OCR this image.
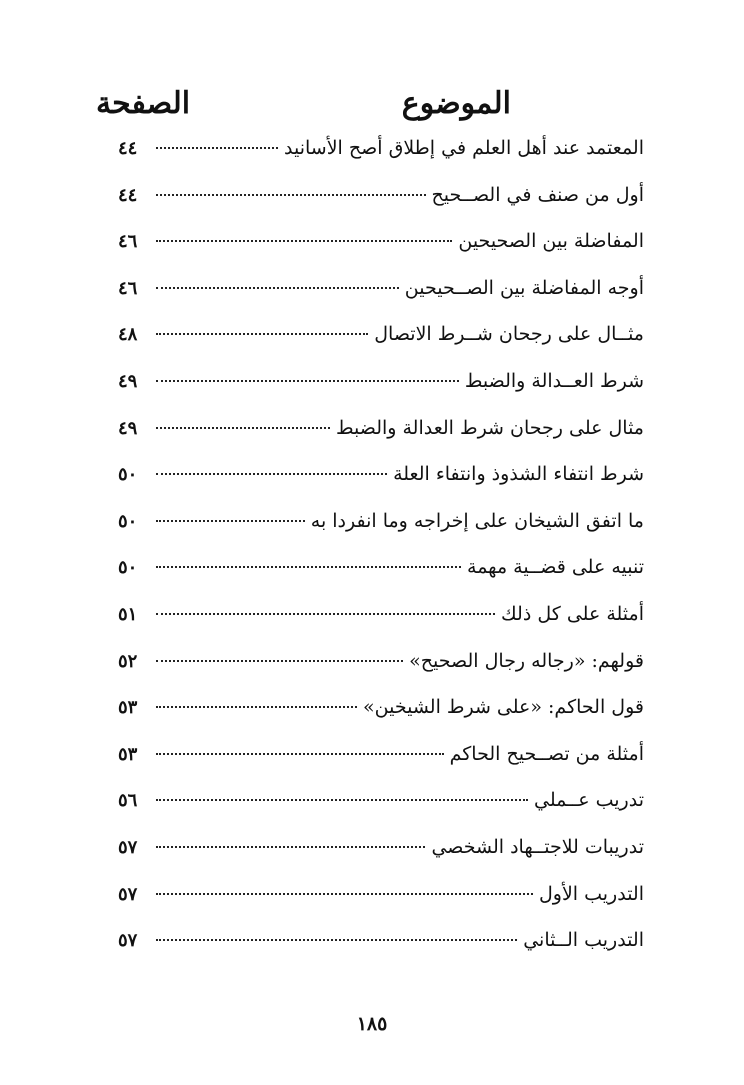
الموضوع
الصفحة
المعتمد عند أهل العلم في إطلاق أصح الأسانيد
٤٤
أول من صنف في الصــحيح
٤٤
المفاضلة بين الصحيحين
٤٦
أوجه المفاضلة بين الصــحيحين
٤٦
مثــال على رجحان شــرط الاتصال
٤٨
شرط العــدالة والضبط
٤٩
مثال على رجحان شرط العدالة والضبط
٤٩
شرط انتفاء الشذوذ وانتفاء العلة
٥٠
ما اتفق الشيخان على إخراجه وما انفردا به
٥٠
تنبيه على قضــية مهمة
٥٠
أمثلة على كل ذلك
٥١
قولهم: «رجاله رجال الصحيح»
٥٢
قول الحاكم: «على شرط الشيخين»
٥٣
أمثلة من تصــحيح الحاكم
٥٣
تدريب عــملي
٥٦
تدريبات للاجتــهاد الشخصي
٥٧
التدريب الأول
٥٧
التدريب الــثاني
٥٧
١٨٥
